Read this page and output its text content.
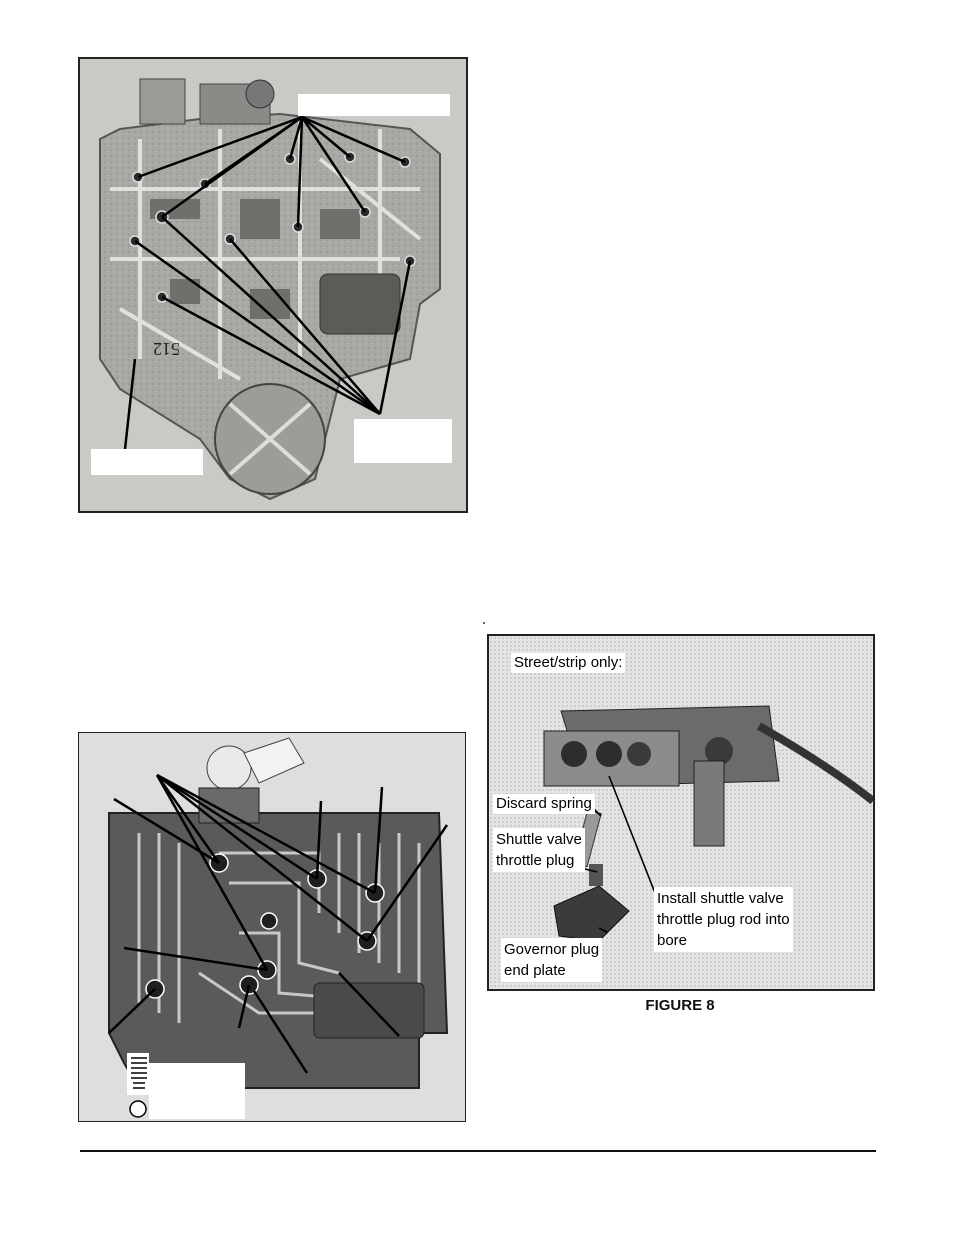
512
Street/strip only:
Discard spring
Shuttle valve
throttle plug
Install shuttle valve
throttle plug rod into
bore
Governor plug
end plate
FIGURE 8
